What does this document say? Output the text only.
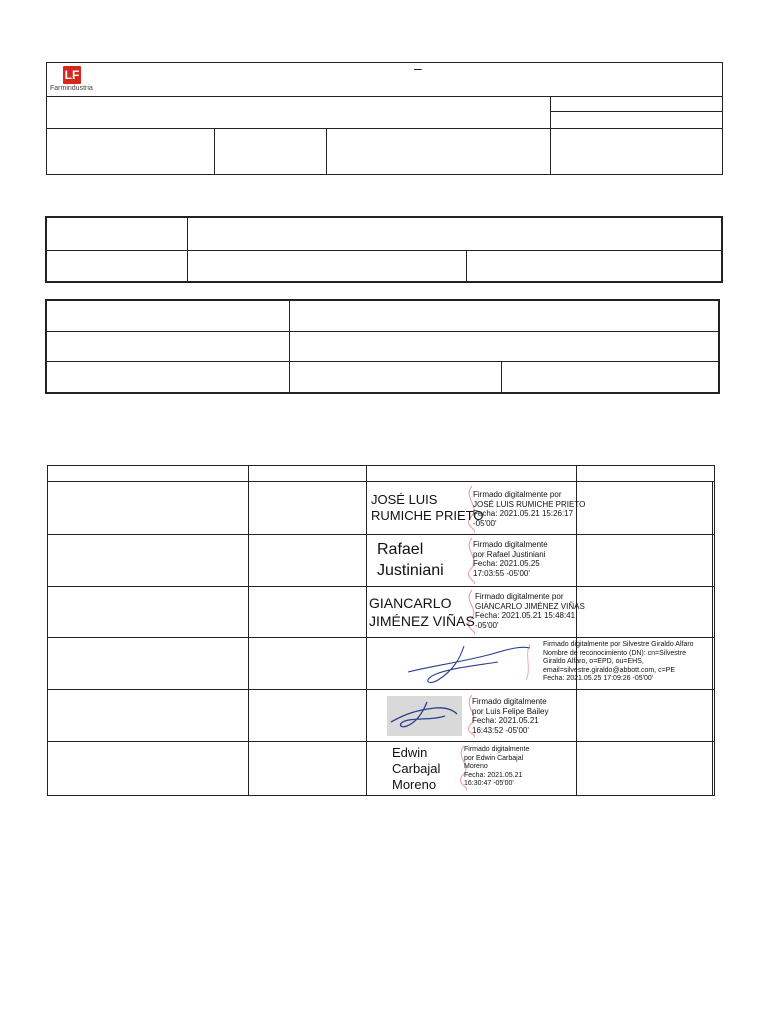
LF
Farmindustria
–
JOSÉ LUIS
RUMICHE PRIETO
Firmado digitalmente por
JOSÉ LUIS RUMICHE PRIETO
Fecha: 2021.05.21 15:26:17
-05'00'
Rafael
Justiniani
Firmado digitalmente
por Rafael Justiniani
Fecha: 2021.05.25
17:03:55 -05'00'
GIANCARLO
JIMÉNEZ VIÑAS
Firmado digitalmente por
GIANCARLO JIMÉNEZ VIÑAS
Fecha: 2021.05.21 15:48:41
-05'00'
Firmado digitalmente por Silvestre Giraldo Alfaro
Nombre de reconocimiento (DN): cn=Silvestre
Giraldo Alfaro, o=EPD, ou=EHS,
email=silvestre.giraldo@abbott.com, c=PE
Fecha: 2021.05.25 17:09:26 -05'00'
Firmado digitalmente
por Luis Felipe Bailey
Fecha: 2021.05.21
16:43:52 -05'00'
Edwin
Carbajal
Moreno
Firmado digitalmente
por Edwin Carbajal
Moreno
Fecha: 2021.05.21
16:30:47 -05'00'
